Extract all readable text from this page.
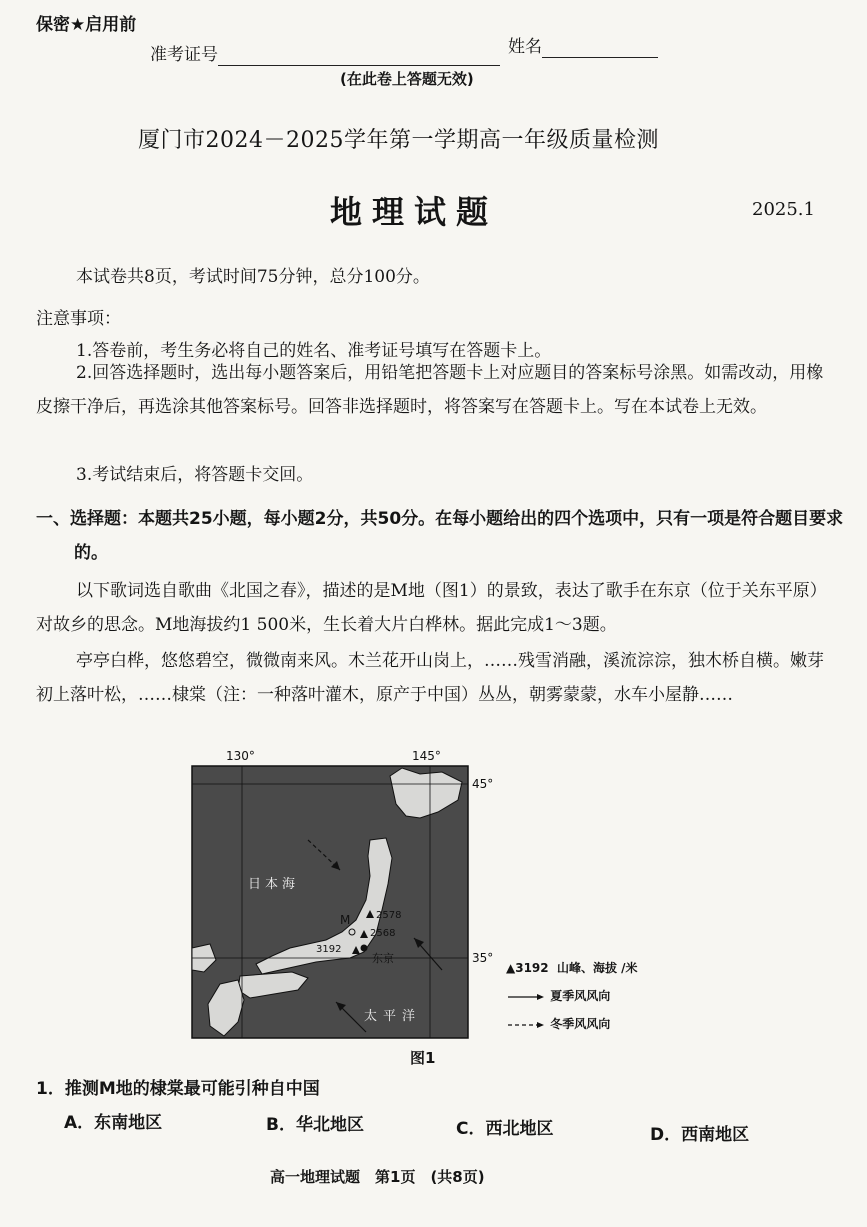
保密★启用前
准考证号	姓名
(在此卷上答题无效)
厦门市2024－2025学年第一学期高一年级质量检测
地理试题	2025.1
本试卷共8页，考试时间75分钟，总分100分。
注意事项：
1.答卷前，考生务必将自己的姓名、准考证号填写在答题卡上。
2.回答选择题时，选出每小题答案后，用铅笔把答题卡上对应题目的答案标号涂黑。如需改动，用橡皮擦干净后，再选涂其他答案标号。回答非选择题时，将答案写在答题卡上。写在本试卷上无效。
3.考试结束后，将答题卡交回。
一、选择题：本题共25小题，每小题2分，共50分。在每小题给出的四个选项中，只有一项是符合题目要求的。
以下歌词选自歌曲《北国之春》，描述的是M地（图1）的景致，表达了歌手在东京（位于关东平原）对故乡的思念。M地海拔约1 500米，生长着大片白桦林。据此完成1～3题。
亭亭白桦，悠悠碧空，微微南来风。木兰花开山岗上，……残雪消融，溪流淙淙，独木桥自横。嫩芽初上落叶松，……棣棠（注：一种落叶灌木，原产于中国）丛丛，朝雾蒙蒙，水车小屋静……
130°	145°
45°
35°
日本海
太平洋
东京
M	2578
2568
3192
▲3192 山峰、海拔 /米
夏季风风向
冬季风风向
图1
1．推测M地的棣棠最可能引种自中国
A．东南地区	B．华北地区	C．西北地区	D．西南地区
高一地理试题　第1页　(共8页)
